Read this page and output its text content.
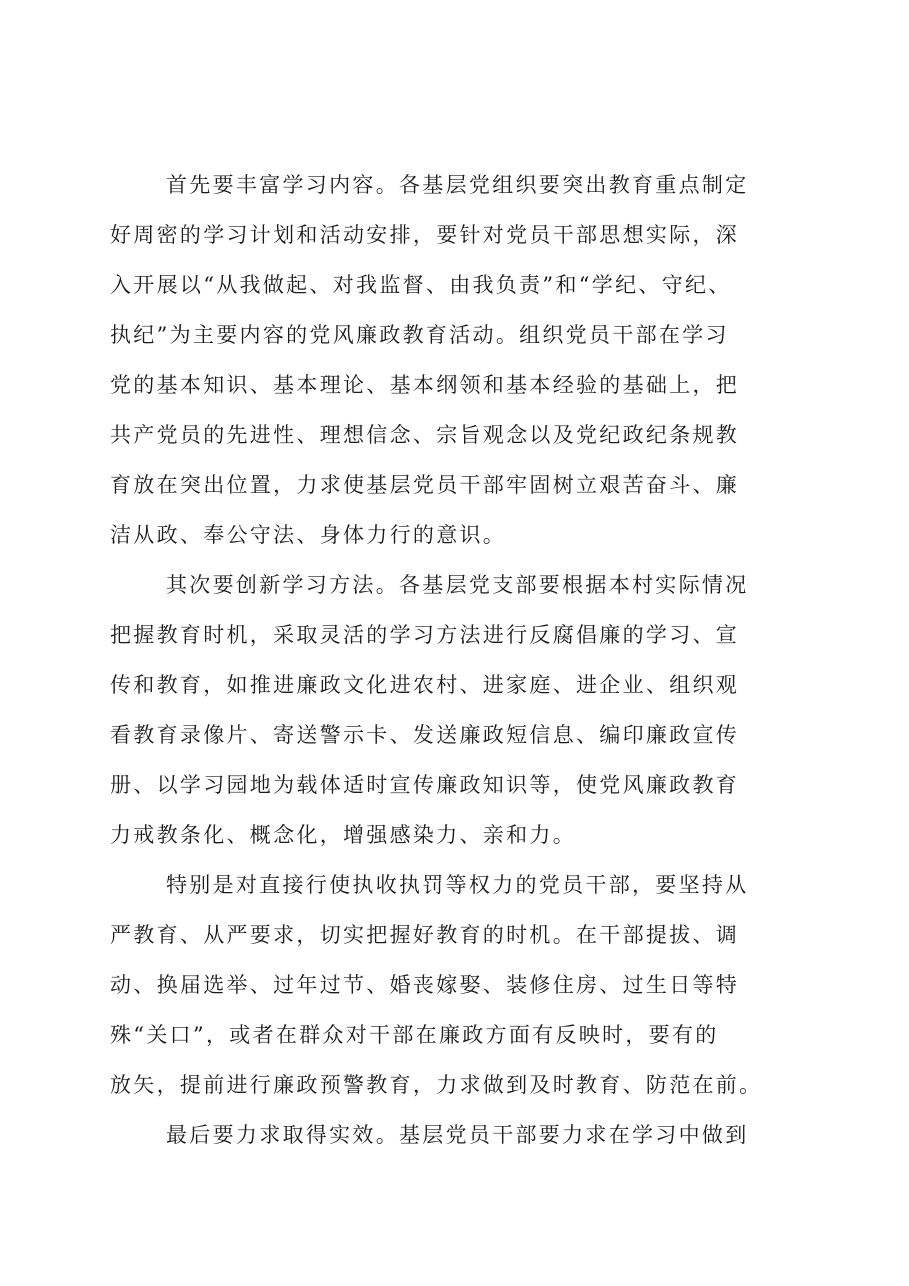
首先要丰富学习内容。各基层党组织要突出教育重点制定
好周密的学习计划和活动安排，要针对党员干部思想实际，深
入开展以“从我做起、对我监督、由我负责”和“学纪、守纪、
执纪”为主要内容的党风廉政教育活动。组织党员干部在学习
党的基本知识、基本理论、基本纲领和基本经验的基础上，把
共产党员的先进性、理想信念、宗旨观念以及党纪政纪条规教
育放在突出位置，力求使基层党员干部牢固树立艰苦奋斗、廉
洁从政、奉公守法、身体力行的意识。
其次要创新学习方法。各基层党支部要根据本村实际情况
把握教育时机，采取灵活的学习方法进行反腐倡廉的学习、宣
传和教育，如推进廉政文化进农村、进家庭、进企业、组织观
看教育录像片、寄送警示卡、发送廉政短信息、编印廉政宣传
册、以学习园地为载体适时宣传廉政知识等，使党风廉政教育
力戒教条化、概念化，增强感染力、亲和力。
特别是对直接行使执收执罚等权力的党员干部，要坚持从
严教育、从严要求，切实把握好教育的时机。在干部提拔、调
动、换届选举、过年过节、婚丧嫁娶、装修住房、过生日等特
殊“关口”，或者在群众对干部在廉政方面有反映时，要有的
放矢，提前进行廉政预警教育，力求做到及时教育、防范在前。
最后要力求取得实效。基层党员干部要力求在学习中做到
